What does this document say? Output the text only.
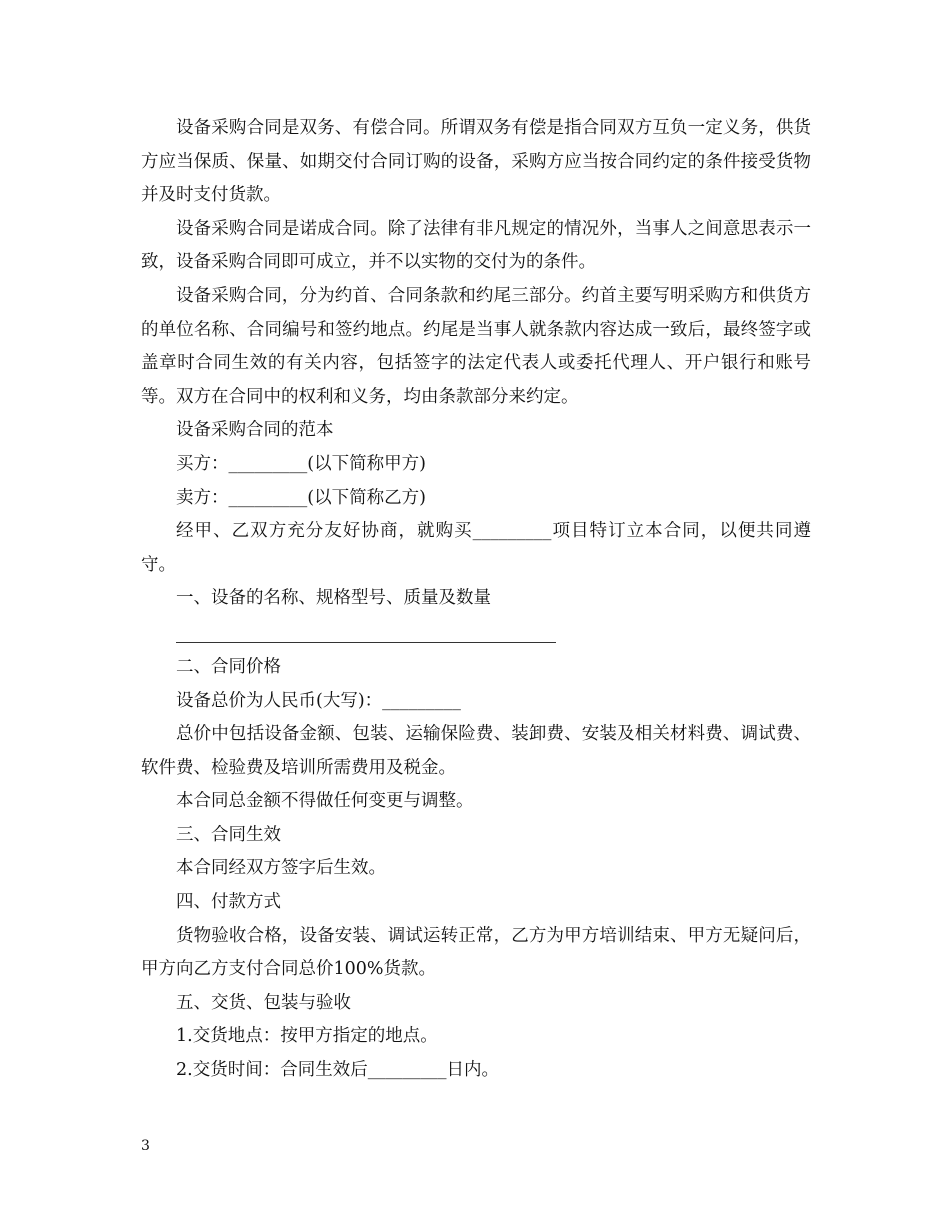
设备采购合同是双务、有偿合同。所谓双务有偿是指合同双方互负一定义务，供货方应当保质、保量、如期交付合同订购的设备，采购方应当按合同约定的条件接受货物并及时支付货款。

设备采购合同是诺成合同。除了法律有非凡规定的情况外，当事人之间意思表示一致，设备采购合同即可成立，并不以实物的交付为的条件。

设备采购合同，分为约首、合同条款和约尾三部分。约首主要写明采购方和供货方的单位名称、合同编号和签约地点。约尾是当事人就条款内容达成一致后，最终签字或盖章时合同生效的有关内容，包括签字的法定代表人或委托代理人、开户银行和账号等。双方在合同中的权利和义务，均由条款部分来约定。

设备采购合同的范本

买方：_________(以下简称甲方)

卖方：_________(以下简称乙方)

经甲、乙双方充分友好协商，就购买_________项目特订立本合同，以便共同遵守。

一、设备的名称、规格型号、质量及数量

二、合同价格

设备总价为人民币(大写)：_________

总价中包括设备金额、包装、运输保险费、装卸费、安装及相关材料费、调试费、软件费、检验费及培训所需费用及税金。

本合同总金额不得做任何变更与调整。

三、合同生效

本合同经双方签字后生效。

四、付款方式

货物验收合格，设备安装、调试运转正常，乙方为甲方培训结束、甲方无疑问后，甲方向乙方支付合同总价100%货款。

五、交货、包装与验收

1.交货地点：按甲方指定的地点。

2.交货时间：合同生效后_________日内。

3
